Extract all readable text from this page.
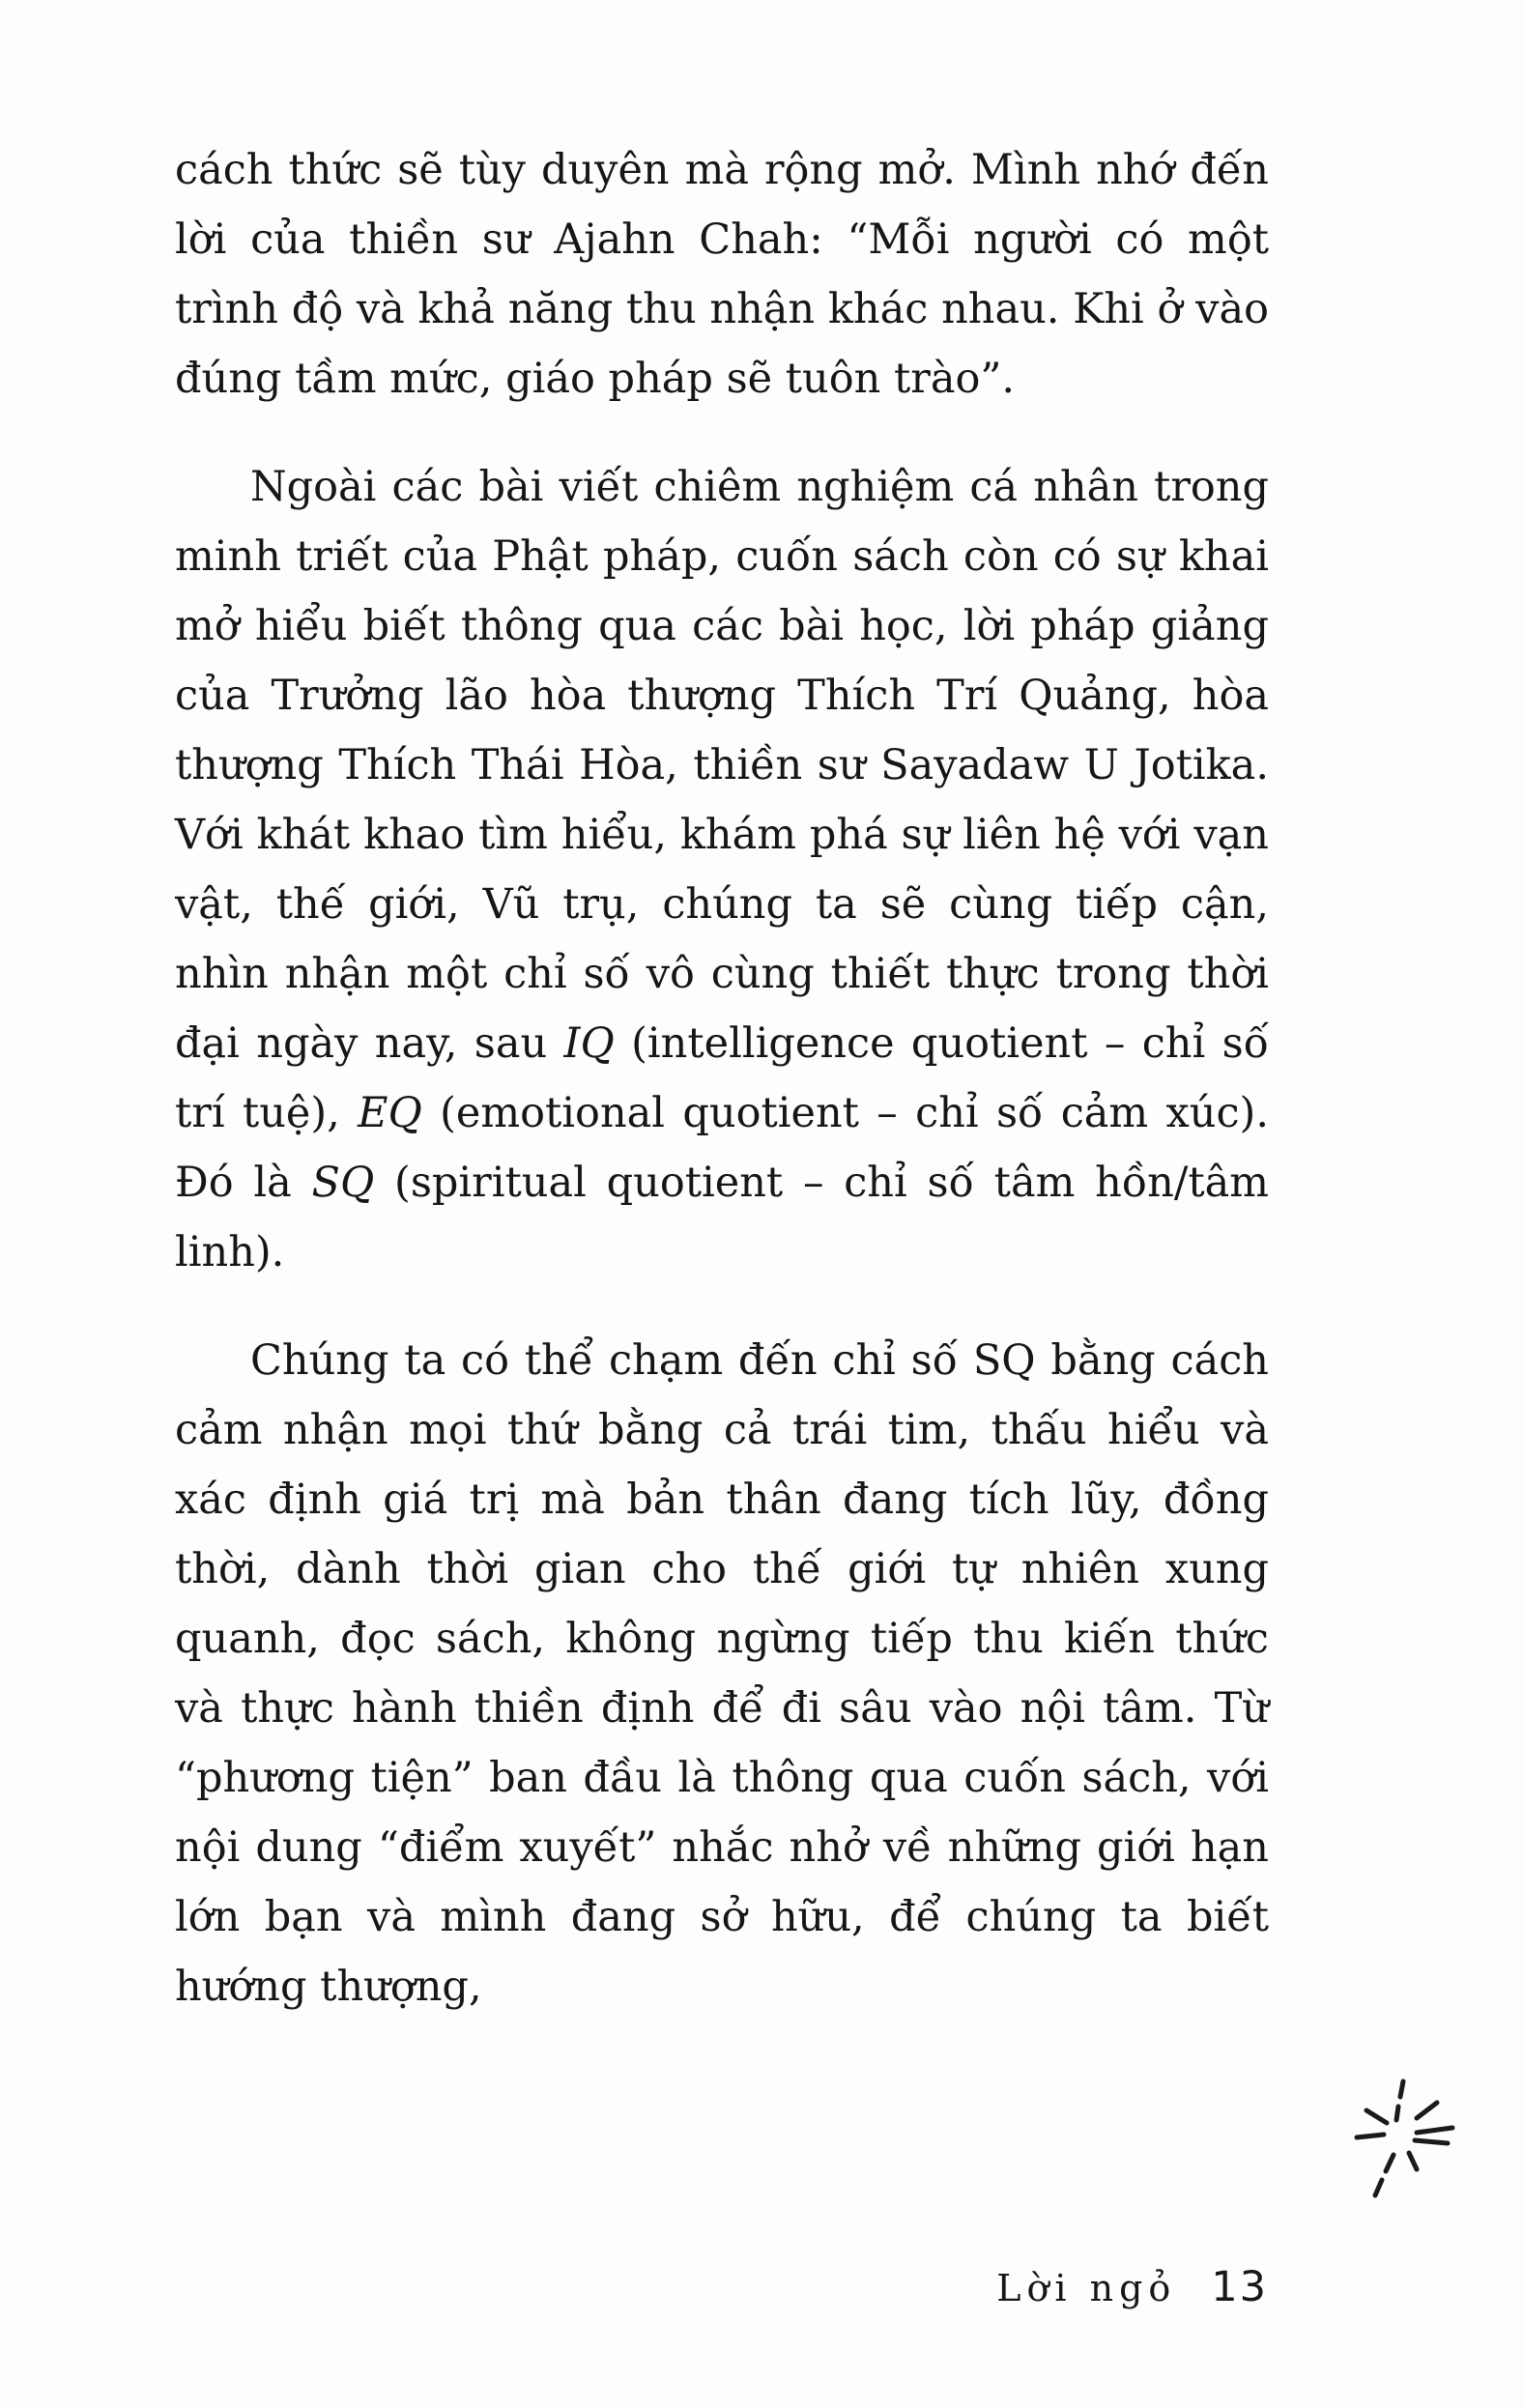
cách thức sẽ tùy duyên mà rộng mở. Mình nhớ đến lời của thiền sư Ajahn Chah: “Mỗi người có một trình độ và khả năng thu nhận khác nhau. Khi ở vào đúng tầm mức, giáo pháp sẽ tuôn trào”.

Ngoài các bài viết chiêm nghiệm cá nhân trong minh triết của Phật pháp, cuốn sách còn có sự khai mở hiểu biết thông qua các bài học, lời pháp giảng của Trưởng lão hòa thượng Thích Trí Quảng, hòa thượng Thích Thái Hòa, thiền sư Sayadaw U Jotika. Với khát khao tìm hiểu, khám phá sự liên hệ với vạn vật, thế giới, Vũ trụ, chúng ta sẽ cùng tiếp cận, nhìn nhận một chỉ số vô cùng thiết thực trong thời đại ngày nay, sau IQ (intelligence quotient – chỉ số trí tuệ), EQ (emotional quotient – chỉ số cảm xúc). Đó là SQ (spiritual quotient – chỉ số tâm hồn/tâm linh).

Chúng ta có thể chạm đến chỉ số SQ bằng cách cảm nhận mọi thứ bằng cả trái tim, thấu hiểu và xác định giá trị mà bản thân đang tích lũy, đồng thời, dành thời gian cho thế giới tự nhiên xung quanh, đọc sách, không ngừng tiếp thu kiến thức và thực hành thiền định để đi sâu vào nội tâm. Từ “phương tiện” ban đầu là thông qua cuốn sách, với nội dung “điểm xuyết” nhắc nhở về những giới hạn lớn bạn và mình đang sở hữu, để chúng ta biết hướng thượng,

Lời ngỏ 13
